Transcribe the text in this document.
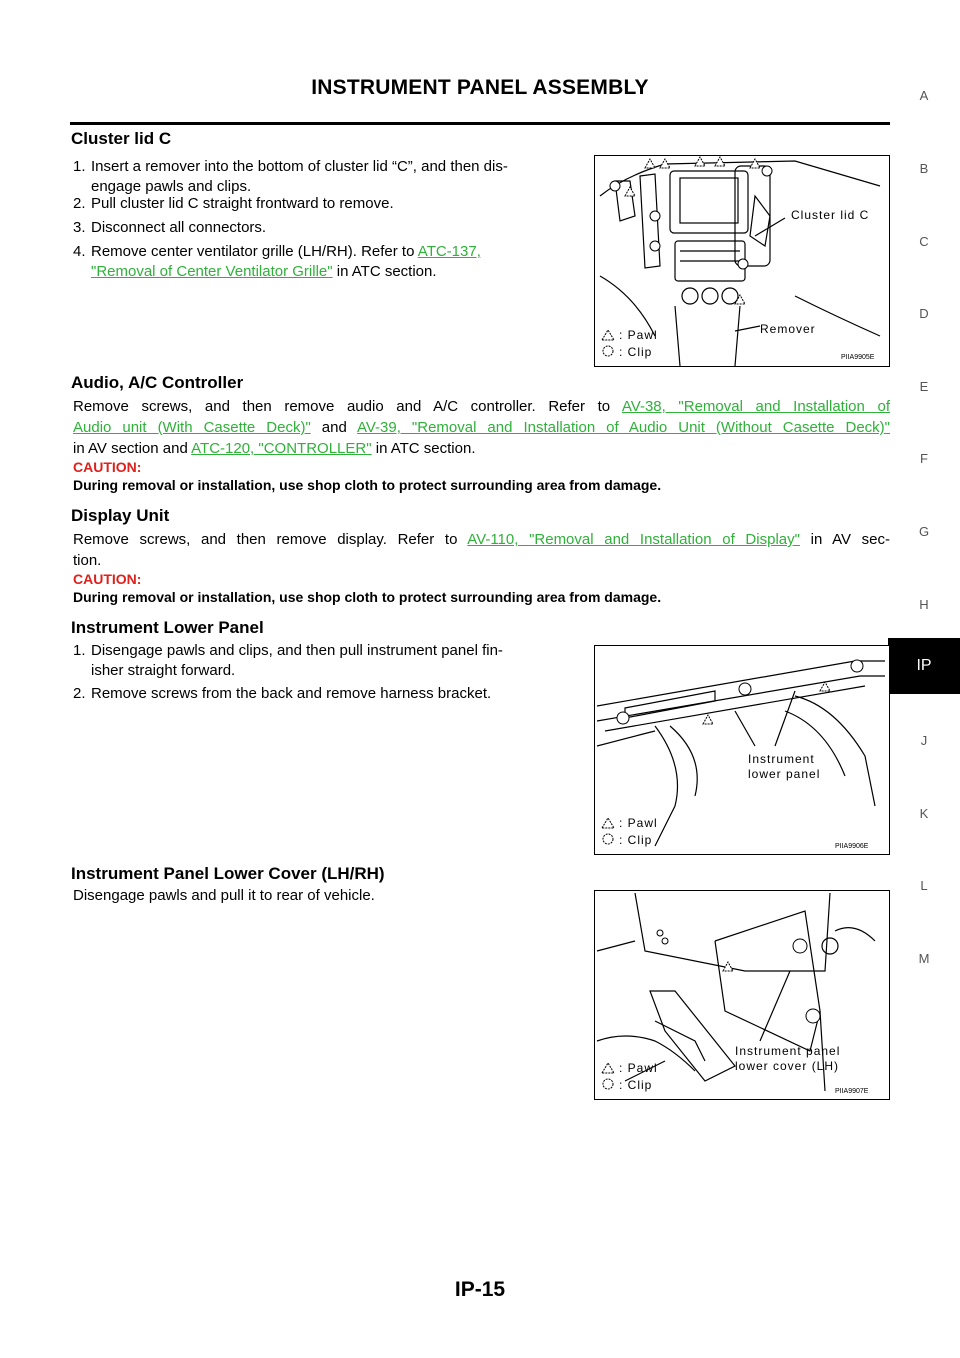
INSTRUMENT PANEL ASSEMBLY	A
B
C
D
E
F
G
H
IP
J
K
L
M
Cluster lid C
1. Insert a remover into the bottom of cluster lid “C”, and then dis-
engage pawls and clips.
2. Pull cluster lid C straight frontward to remove.
3. Disconnect all connectors.
4. Remove center ventilator grille (LH/RH). Refer to ATC-137,
"Removal of Center Ventilator Grille" in ATC section.
Cluster lid C
Remover
: Pawl
: Clip	PIIA9905E
Audio, A/C Controller
Remove screws, and then remove audio and A/C controller. Refer to AV-38, "Removal and Installation of
Audio unit (With Casette Deck)" and AV-39, "Removal and Installation of Audio Unit (Without Casette Deck)"
in AV section and ATC-120, "CONTROLLER" in ATC section.
CAUTION:
During removal or installation, use shop cloth to protect surrounding area from damage.
Display Unit
Remove screws, and then remove display. Refer to AV-110, "Removal and Installation of Display" in AV sec-
tion.
CAUTION:
During removal or installation, use shop cloth to protect surrounding area from damage.
Instrument Lower Panel
1. Disengage pawls and clips, and then pull instrument panel fin-
isher straight forward.
2. Remove screws from the back and remove harness bracket.
Instrument
lower panel
: Pawl
: Clip	PIIA9906E
Instrument Panel Lower Cover (LH/RH)
Disengage pawls and pull it to rear of vehicle.
Instrument panel
lower cover (LH)
: Pawl
: Clip	PIIA9907E
IP-15
